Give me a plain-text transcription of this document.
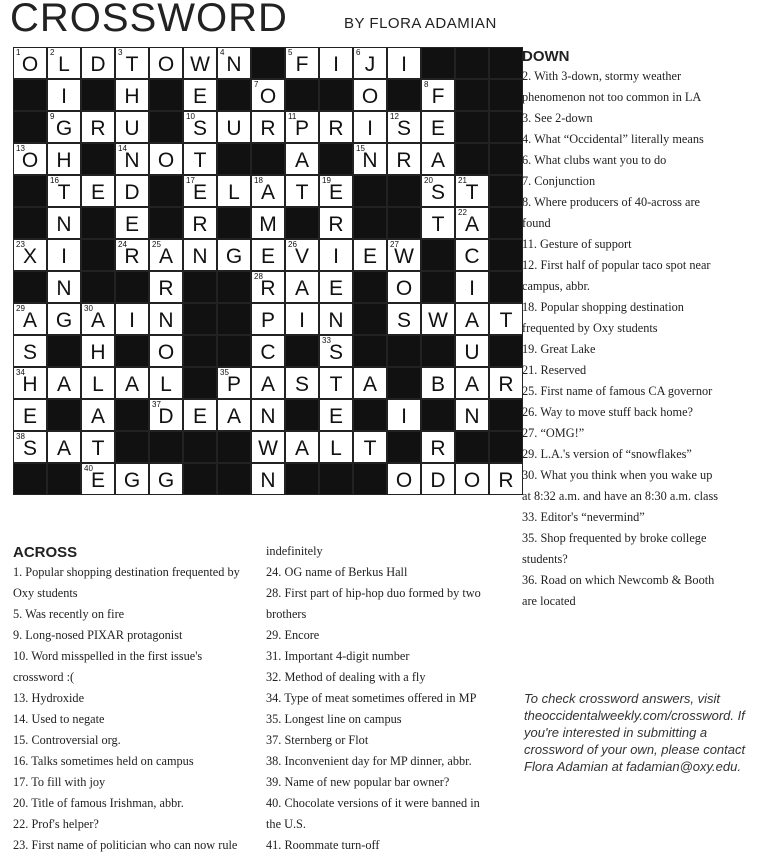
CROSSWORD	BY FLORA ADAMIAN
1
O
2
L D
3
T O W
4
N
5
F	I
6
J	I
I	H	E
7
O	O
8
F
9
G R U
10
S U R
11
P R	I
12
S E
13
O H
14
N O T	A
15
N R A
16
T E D
17
E	L
18
A T
19
E
20
S
21
T
N	E	R	M	R	T
22
A
23
X	I
24
R
25
A N G E
26
V	I	E
27
W	C
N	R
28
R A E	O	I
29
A G
30
A	I	N	P	I	N	S W A T
S	H	O	C
33
S	U
34
H A	L	A	L
35
P A S T A	B A R
E	A
37
D E A N	E	I	N
38
S A T	W A	L	T	R
40
E G G	N	O D O R
ACROSS

1. Popular shopping destination frequented by

Oxy students

5. Was recently on fire

9. Long-nosed PIXAR protagonist

10. Word misspelled in the first issue's

crossword :(

13. Hydroxide

14. Used to negate

15. Controversial org.

16. Talks sometimes held on campus

17. To fill with joy

20. Title of famous Irishman, abbr.

22. Prof's helper?

23. First name of politician who can now rule

indefinitely

24. OG name of Berkus Hall

28. First part of hip-hop duo formed by two

brothers

29. Encore

31. Important 4-digit number

32. Method of dealing with a fly

34. Type of meat sometimes offered in MP

35. Longest line on campus

37. Sternberg or Flot

38. Inconvenient day for MP dinner, abbr.

39. Name of new popular bar owner?

40. Chocolate versions of it were banned in

the U.S.

41. Roommate turn-off

DOWN

2. With 3-down, stormy weather

phenomenon not too common in LA

3. See 2-down

4. What “Occidental” literally means

6. What clubs want you to do

7. Conjunction

8. Where producers of 40-across are

found

11. Gesture of support

12. First half of popular taco spot near

campus, abbr.

18. Popular shopping destination

frequented by Oxy students

19. Great Lake

21. Reserved

25. First name of famous CA governor

26. Way to move stuff back home?

27. “OMG!”

29. L.A.'s version of “snowflakes”

30. What you think when you wake up

at 8:32 a.m. and have an 8:30 a.m. class

33. Editor's “nevermind”

35. Shop frequented by broke college

students?

36. Road on which Newcomb & Booth

are located

To check crossword answers, visit theoccidentalweekly.com/crossword. If you're interested in submitting a crossword of your own, please contact Flora Adamian at fadamian@oxy.edu.
